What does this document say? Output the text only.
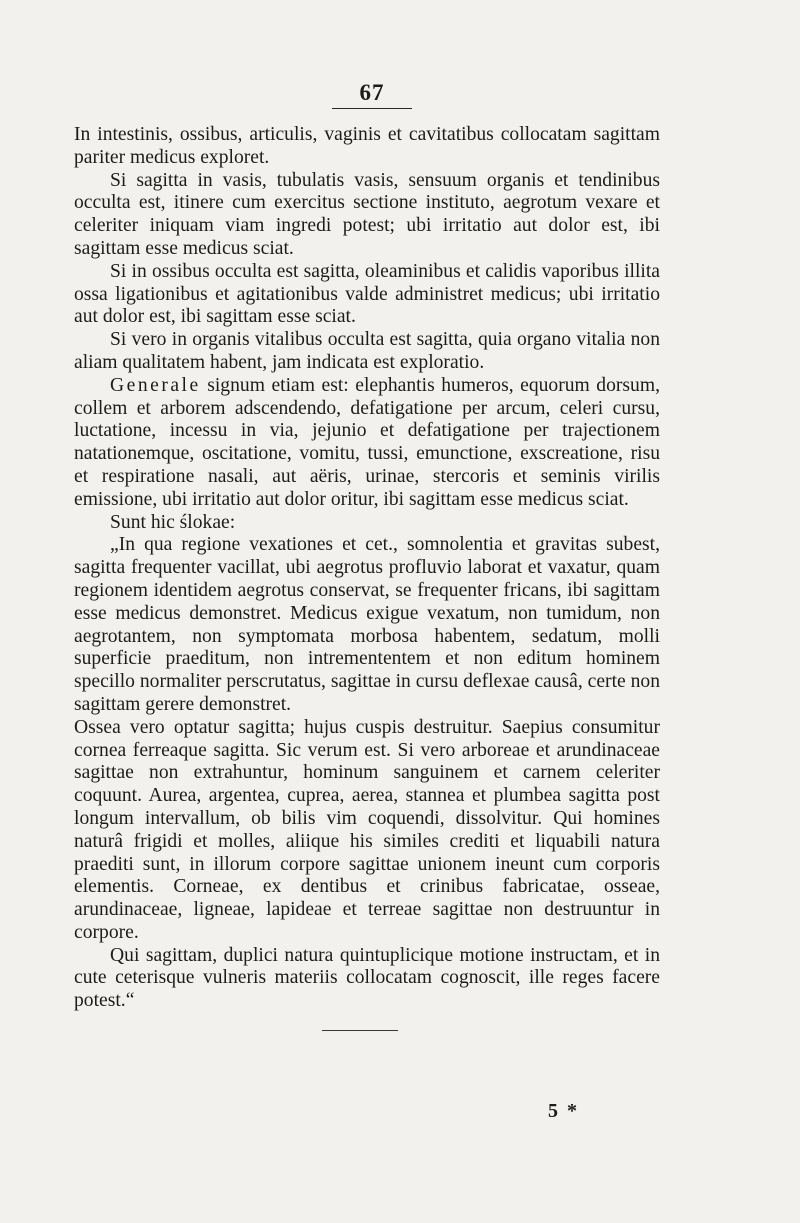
67

In intestinis, ossibus, articulis, vaginis et cavitatibus collocatam sagittam pariter medicus exploret.

Si sagitta in vasis, tubulatis vasis, sensuum organis et tendinibus occulta est, itinere cum exercitus sectione instituto, aegrotum vexare et celeriter iniquam viam ingredi potest; ubi irritatio aut dolor est, ibi sagittam esse medicus sciat.

Si in ossibus occulta est sagitta, oleaminibus et calidis vaporibus illita ossa ligationibus et agitationibus valde administret medicus; ubi irritatio aut dolor est, ibi sagittam esse sciat.

Si vero in organis vitalibus occulta est sagitta, quia organo vitalia non aliam qualitatem habent, jam indicata est exploratio.

Generale signum etiam est: elephantis humeros, equorum dorsum, collem et arborem adscendendo, defatigatione per arcum, celeri cursu, luctatione, incessu in via, jejunio et defatigatione per trajectionem natationemque, oscitatione, vomitu, tussi, emunctione, exscreatione, risu et respiratione nasali, aut aëris, urinae, stercoris et seminis virilis emissione, ubi irritatio aut dolor oritur, ibi sagittam esse medicus sciat.

Sunt hic ślokae:

„In qua regione vexationes et cet., somnolentia et gravitas subest, sagitta frequenter vacillat, ubi aegrotus profluvio laborat et vaxatur, quam regionem identidem aegrotus conservat, se frequenter fricans, ibi sagittam esse medicus demonstret. Medicus exigue vexatum, non tumidum, non aegrotantem, non symptomata morbosa habentem, sedatum, molli superficie praeditum, non intremententem et non editum hominem specillo normaliter perscrutatus, sagittae in cursu deflexae causâ, certe non sagittam gerere demonstret.

Ossea vero optatur sagitta; hujus cuspis destruitur. Saepius consumitur cornea ferreaque sagitta. Sic verum est. Si vero arboreae et arundinaceae sagittae non extrahuntur, hominum sanguinem et carnem celeriter coquunt. Aurea, argentea, cuprea, aerea, stannea et plumbea sagitta post longum intervallum, ob bilis vim coquendi, dissolvitur. Qui homines naturâ frigidi et molles, aliique his similes crediti et liquabili natura praediti sunt, in illorum corpore sagittae unionem ineunt cum corporis elementis. Corneae, ex dentibus et crinibus fabricatae, osseae, arundinaceae, ligneae, lapideae et terreae sagittae non destruuntur in corpore.

Qui sagittam, duplici natura quintuplicique motione instructam, et in cute ceterisque vulneris materiis collocatam cognoscit, ille reges facere potest.“

5 *
